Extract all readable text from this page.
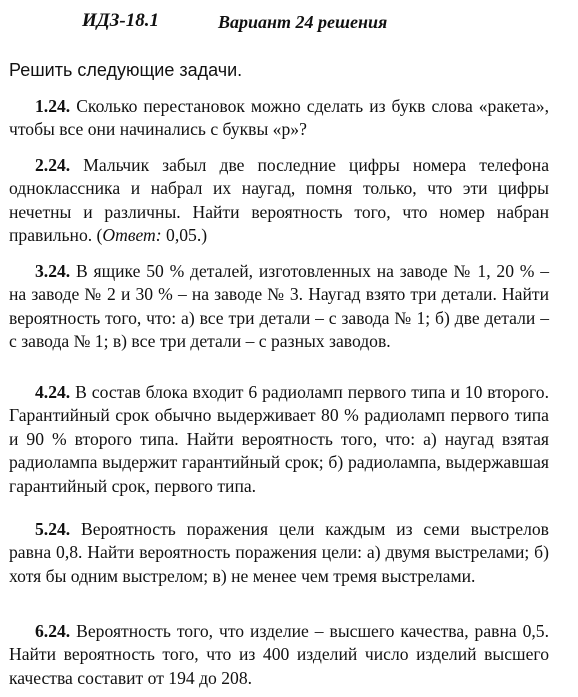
ИДЗ-18.1	Вариант 24 решения
Решить следующие задачи.

1.24. Сколько перестановок можно сделать из букв слова «ракета», чтобы все они начинались с буквы «р»?

2.24. Мальчик забыл две последние цифры номера телефона одноклассника и набрал их наугад, помня только, что эти цифры нечетны и различны. Найти вероятность того, что номер набран правильно. (Ответ: 0,05.)

3.24. В ящике 50 % деталей, изготовленных на заводе № 1, 20 % – на заводе № 2 и 30 % – на заводе № 3. Наугад взято три детали. Найти вероятность того, что: а) все три детали – с завода № 1; б) две детали – с завода № 1; в) все три детали – с разных заводов.

4.24. В состав блока входит 6 радиоламп первого типа и 10 второго. Гарантийный срок обычно выдерживает 80 % радиоламп первого типа и 90 % второго типа. Найти вероятность того, что: а) наугад взятая радиолампа выдержит гарантийный срок; б) радиолампа, выдержавшая гарантийный срок, первого типа.

5.24. Вероятность поражения цели каждым из семи выстрелов равна 0,8. Найти вероятность поражения цели: а) двумя выстрелами; б) хотя бы одним выстрелом; в) не менее чем тремя выстрелами.

6.24. Вероятность того, что изделие – высшего качества, равна 0,5. Найти вероятность того, что из 400 изделий число изделий высшего качества составит от 194 до 208.
